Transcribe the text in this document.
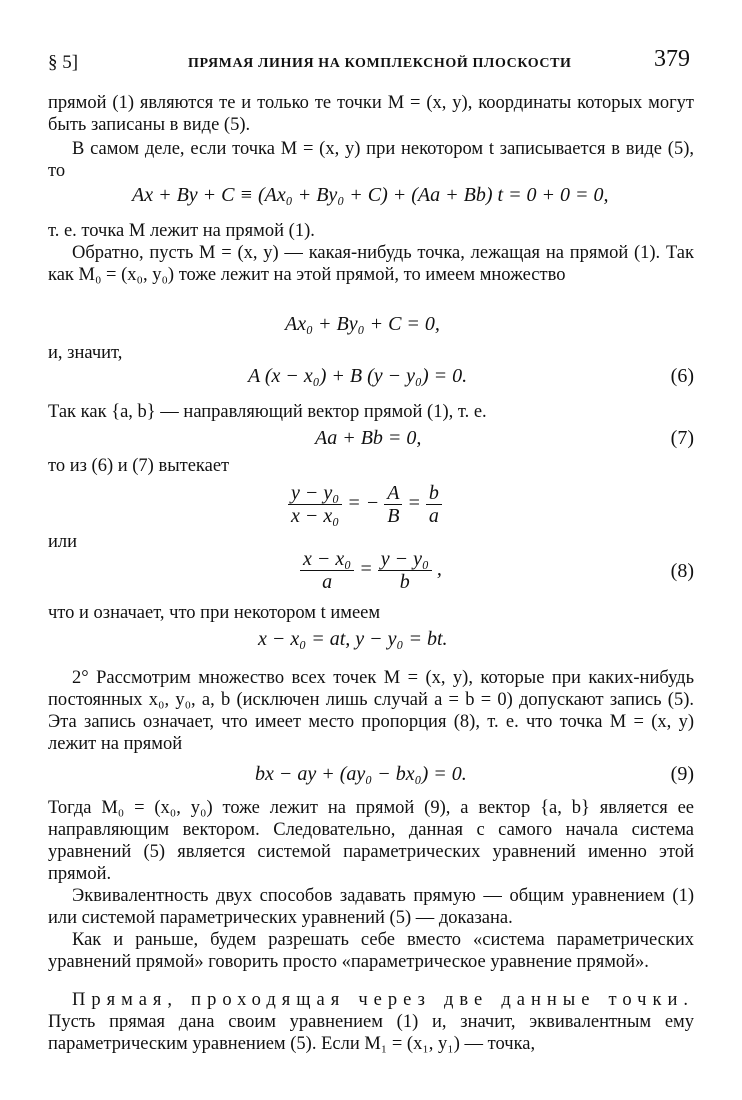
§ 5]	ПРЯМАЯ ЛИНИЯ НА КОМПЛЕКСНОЙ ПЛОСКОСТИ	379
прямой (1) являются те и только те точки M = (x, y), координаты которых могут быть записаны в виде (5).
В самом деле, если точка M = (x, y) при некотором t записывается в виде (5), то
Ax + By + C ≡ (Ax₀ + By₀ + C) + (Aa + Bb) t = 0 + 0 = 0,
т. е. точка M лежит на прямой (1).
Обратно, пусть M = (x, y) — какая-нибудь точка, лежащая на прямой (1). Так как M₀ = (x₀, y₀) тоже лежит на этой прямой, то имеем множество
Ax₀ + By₀ + C = 0,
и, значит,
A (x − x₀) + B (y − y₀) = 0.	(6)
Так как {a, b} — направляющий вектор прямой (1), т. е.
Aa + Bb = 0,	(7)
то из (6) и (7) вытекает
$\frac{\text{y − y₀}}{\text{x − x₀}}$ = − $\frac{A}{B} = \frac{b}{a}$
или
$\frac{\text{x − x₀}}{a} = \frac{\text{y − y₀}}{b}$ ,	(8)
что и означает, что при некотором t имеем
x − x₀ = at, y − y₀ = bt.
2° Рассмотрим множество всех точек M = (x, y), которые при каких-нибудь постоянных x₀, y₀, a, b (исключен лишь случай a = b = 0) допускают запись (5). Эта запись означает, что имеет место пропорция (8), т. е. что точка M = (x, y) лежит на прямой
bx − ay + (ay₀ − bx₀) = 0.	(9)
Тогда M₀ = (x₀, y₀) тоже лежит на прямой (9), а вектор {a, b} является ее направляющим вектором. Следовательно, данная с самого начала система уравнений (5) является системой параметрических уравнений именно этой прямой.
Эквивалентность двух способов задавать прямую — общим уравнением (1) или системой параметрических уравнений (5) — доказана.
Как и раньше, будем разрешать себе вместо «система параметрических уравнений прямой» говорить просто «параметрическое уравнение прямой».
Прямая, проходящая через две данные точки. Пусть прямая дана своим уравнением (1) и, значит, эквивалентным ему параметрическим уравнением (5). Если M₁ = (x₁, y₁) — точка,
